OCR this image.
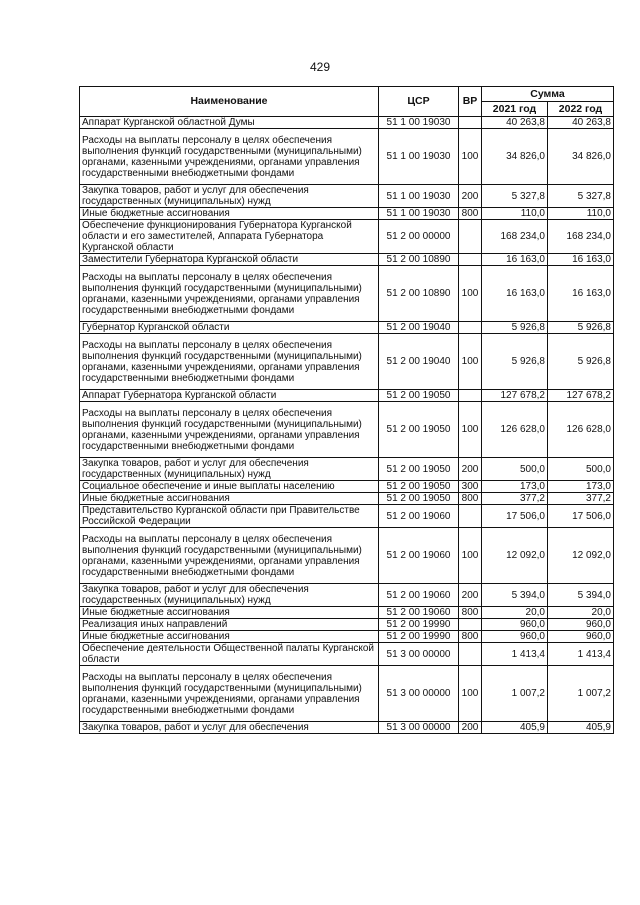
429
Наименование	ЦСР	ВР	Сумма	
			2021 год	2022 год
Аппарат Курганской областной Думы	51 1 00 19030		40 263,8	40 263,8
Расходы на выплаты персоналу в целях обеспечения выполнения функций государственными (муниципальными) органами, казенными учреждениями, органами управления государственными внебюджетными фондами	51 1 00 19030	100	34 826,0	34 826,0
Закупка товаров, работ и услуг для обеспечения государственных (муниципальных) нужд	51 1 00 19030	200	5 327,8	5 327,8
Иные бюджетные ассигнования	51 1 00 19030	800	110,0	110,0
Обеспечение функционирования Губернатора Курганской области и его заместителей, Аппарата Губернатора Курганской области	51 2 00 00000		168 234,0	168 234,0
Заместители Губернатора Курганской области	51 2 00 10890		16 163,0	16 163,0
Расходы на выплаты персоналу в целях обеспечения выполнения функций государственными (муниципальными) органами, казенными учреждениями, органами управления государственными внебюджетными фондами	51 2 00 10890	100	16 163,0	16 163,0
Губернатор Курганской области	51 2 00 19040		5 926,8	5 926,8
Расходы на выплаты персоналу в целях обеспечения выполнения функций государственными (муниципальными) органами, казенными учреждениями, органами управления государственными внебюджетными фондами	51 2 00 19040	100	5 926,8	5 926,8
Аппарат Губернатора Курганской области	51 2 00 19050		127 678,2	127 678,2
Расходы на выплаты персоналу в целях обеспечения выполнения функций государственными (муниципальными) органами, казенными учреждениями, органами управления государственными внебюджетными фондами	51 2 00 19050	100	126 628,0	126 628,0
Закупка товаров, работ и услуг для обеспечения государственных (муниципальных) нужд	51 2 00 19050	200	500,0	500,0
Социальное обеспечение и иные выплаты населению	51 2 00 19050	300	173,0	173,0
Иные бюджетные ассигнования	51 2 00 19050	800	377,2	377,2
Представительство Курганской области при Правительстве Российской Федерации	51 2 00 19060		17 506,0	17 506,0
Расходы на выплаты персоналу в целях обеспечения выполнения функций государственными (муниципальными) органами, казенными учреждениями, органами управления государственными внебюджетными фондами	51 2 00 19060	100	12 092,0	12 092,0
Закупка товаров, работ и услуг для обеспечения государственных (муниципальных) нужд	51 2 00 19060	200	5 394,0	5 394,0
Иные бюджетные ассигнования	51 2 00 19060	800	20,0	20,0
Реализация иных направлений	51 2 00 19990		960,0	960,0
Иные бюджетные ассигнования	51 2 00 19990	800	960,0	960,0
Обеспечение деятельности Общественной палаты Курганской области	51 3 00 00000		1 413,4	1 413,4
Расходы на выплаты персоналу в целях обеспечения выполнения функций государственными (муниципальными) органами, казенными учреждениями, органами управления государственными внебюджетными фондами	51 3 00 00000	100	1 007,2	1 007,2
Закупка товаров, работ и услуг для обеспечения	51 3 00 00000	200	405,9	405,9
